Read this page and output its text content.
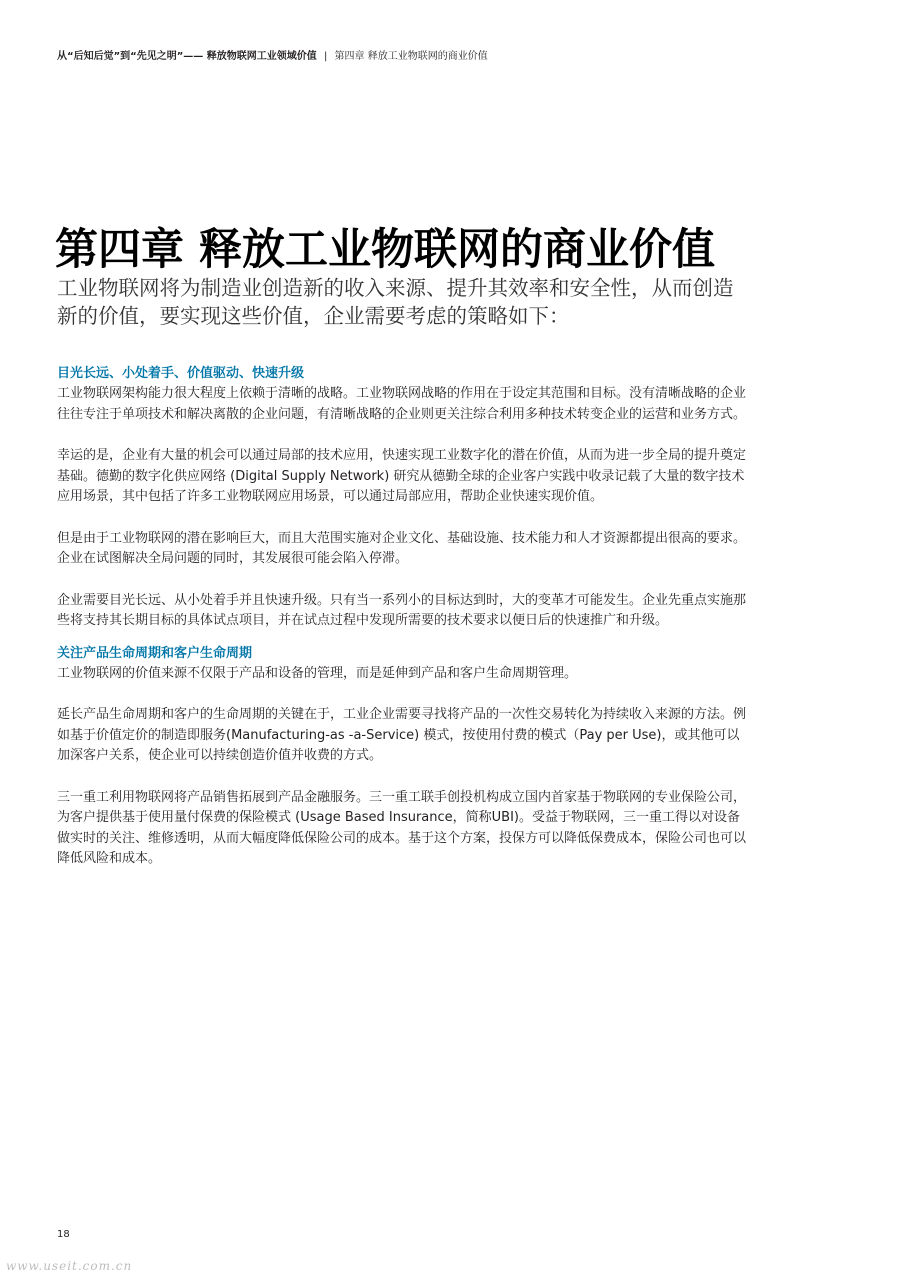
从“后知后觉”到“先见之明”—— 释放物联网工业领域价值 | 第四章 释放工业物联网的商业价值
第四章 释放工业物联网的商业价值

工业物联网将为制造业创造新的收入来源、提升其效率和安全性，从而创造新的价值，要实现这些价值，企业需要考虑的策略如下：

目光长远、小处着手、价值驱动、快速升级

工业物联网架构能力很大程度上依赖于清晰的战略。工业物联网战略的作用在于设定其范围和目标。没有清晰战略的企业往往专注于单项技术和解决离散的企业问题，有清晰战略的企业则更关注综合利用多种技术转变企业的运营和业务方式。

幸运的是，企业有大量的机会可以通过局部的技术应用，快速实现工业数字化的潜在价值，从而为进一步全局的提升奠定基础。德勤的数字化供应网络 (Digital Supply Network) 研究从德勤全球的企业客户实践中收录记载了大量的数字技术应用场景，其中包括了许多工业物联网应用场景，可以通过局部应用，帮助企业快速实现价值。

但是由于工业物联网的潜在影响巨大，而且大范围实施对企业文化、基础设施、技术能力和人才资源都提出很高的要求。企业在试图解决全局问题的同时，其发展很可能会陷入停滞。

企业需要目光长远、从小处着手并且快速升级。只有当一系列小的目标达到时，大的变革才可能发生。企业先重点实施那些将支持其长期目标的具体试点项目，并在试点过程中发现所需要的技术要求以便日后的快速推广和升级。

关注产品生命周期和客户生命周期

工业物联网的价值来源不仅限于产品和设备的管理，而是延伸到产品和客户生命周期管理。

延长产品生命周期和客户的生命周期的关键在于，工业企业需要寻找将产品的一次性交易转化为持续收入来源的方法。例如基于价值定价的制造即服务(Manufacturing-as -a-Service) 模式，按使用付费的模式（Pay per Use)，或其他可以加深客户关系，使企业可以持续创造价值并收费的方式。

三一重工利用物联网将产品销售拓展到产品金融服务。三一重工联手创投机构成立国内首家基于物联网的专业保险公司，为客户提供基于使用量付保费的保险模式 (Usage Based Insurance，简称UBI)。受益于物联网，三一重工得以对设备做实时的关注、维修透明，从而大幅度降低保险公司的成本。基于这个方案，投保方可以降低保费成本，保险公司也可以降低风险和成本。

18
www.useit.com.cn
